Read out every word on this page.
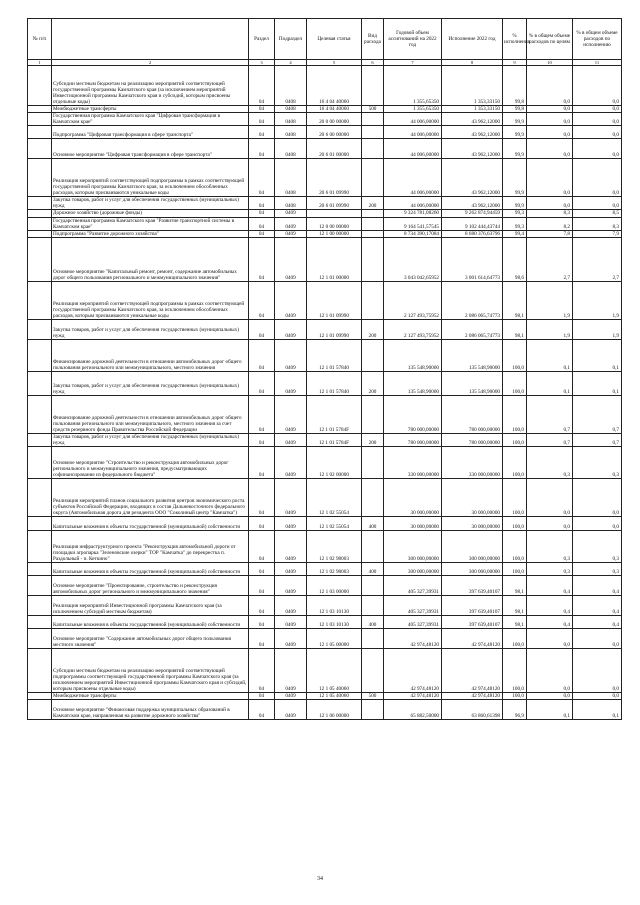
№ п/п		Раздел	Подраздел	Целевая статья	Вид расхода	Годовой объем ассигнований на 2022 год	Исполнение 2022 год	% исполнения	% в общем объеме расходов по целям	% в общем объеме расходов по исполнению
1	2	3	4	5	6	7	8	9	10	11
	Субсидии местным бюджетам на реализацию мероприятий соответствующей государственной программы Камчатского края (за исключением мероприятий Инвестиционной программы Камчатского края и субсидий, которым присвоены отдельные коды)	04	0408	16 4 04 40060		1 355,65350	1 353,33150	99,8	0,0	0,0
	Межбюджетные трансферты	04	0408	16 4 04 40060	500	1 355,65350	1 353,33150	99,8	0,0	0,0
	Государственная программа Камчатского края "Цифровая трансформация в Камчатском крае"	04	0408	20 0 00 00000		44 006,00000	43 962,12000	99,9	0,0	0,0
	Подпрограмма "Цифровая трансформация в сфере транспорта"	04	0408	20 6 00 00000		44 006,00000	43 962,12000	99,9	0,0	0,0
	Основное мероприятие "Цифровая трансформация в сфере транспорта"	04	0408	20 6 01 00000		44 006,00000	43 962,12000	99,9	0,0	0,0
	Реализация мероприятий соответствующей подпрограммы в рамках соответствующей государственной программы Камчатского края, за исключением обособленных расходов, которым присваиваются уникальные коды	04	0408	20 6 01 09990		44 006,00000	43 962,12000	99,9	0,0	0,0
	Закупка товаров, работ и услуг для обеспечения государственных (муниципальных) нужд	04	0408	20 6 01 09990	200	44 006,00000	43 962,12000	99,9	0,0	0,0
	Дорожное хозяйство (дорожные фонды)	04	0409			9 324 781,08260	9 262 874,94459	99,3	8,3	8,5
	Государственная программа Камчатского края "Развитие транспортной системы в Камчатском крае"	04	0409	12 0 00 00000		9 164 541,57545	9 102 444,43744	99,3	8,2	8,3
	Подпрограмма "Развитие дорожного хозяйства"	04	0409	12 1 00 00000		8 734 390,17084	8 680 376,63796	99,4	7,8	7,9
	Основное мероприятие "Капитальный ремонт, ремонт, содержание автомобильных дорог общего пользования регионального и межмуниципального значения"	04	0409	12 1 01 00000		3 043 042,65952	3 001 614,64773	98,6	2,7	2,7
	Реализация мероприятий соответствующей подпрограммы в рамках соответствующей государственной программы Камчатского края, за исключением обособленных расходов, которым присваиваются уникальные коды	04	0409	12 1 01 09990		2 127 493,75952	2 086 065,74773	98,1	1,9	1,9
	Закупка товаров, работ и услуг для обеспечения государственных (муниципальных) нужд	04	0409	12 1 01 09990	200	2 127 493,75952	2 086 065,74773	98,1	1,9	1,9
	Финансирование дорожной деятельности в отношении автомобильных дорог общего пользования регионального или межмуниципального, местного значения	04	0409	12 1 01 57840		135 548,90000	135 548,90000	100,0	0,1	0,1
	Закупка товаров, работ и услуг для обеспечения государственных (муниципальных) нужд	04	0409	12 1 01 57840	200	135 548,90000	135 548,90000	100,0	0,1	0,1
	Финансирование дорожной деятельности в отношении автомобильных дорог общего пользования регионального или межмуниципального, местного значения за счет средств резервного фонда Правительства Российской Федерации	04	0409	12 1 01 5784F		780 000,00000	780 000,00000	100,0	0,7	0,7
	Закупка товаров, работ и услуг для обеспечения государственных (муниципальных) нужд	04	0409	12 1 01 5784F	200	780 000,00000	780 000,00000	100,0	0,7	0,7
	Основное мероприятие "Строительство и реконструкция автомобильных дорог регионального и межмуниципального значения, предусматривающих софинансирование из федерального бюджета"	04	0409	12 1 02 00000		330 000,00000	330 000,00000	100,0	0,3	0,3
	Реализация мероприятий планов социального развития центров экономического роста субъектов Российской Федерации, входящих в состав Дальневосточного федерального округа (Автомобильная дорога для резидента ООО "Соколиный центр "Камчатка")	04	0409	12 1 02 55054		30 000,00000	30 000,00000	100,0	0,0	0,0
	Капитальные вложения в объекты государственной (муниципальной) собственности	04	0409	12 1 02 55054	400	30 000,00000	30 000,00000	100,0	0,0	0,0
	Реализация инфраструктурного проекта "Реконструкция автомобильной дороги от площадки агропарка "Зеленовские озерки" ТОР "Камчатка" до перекрестка п. Раздольный - п. Кеткино"	04	0409	12 1 02 98003		300 000,00000	300 000,00000	100,0	0,3	0,3
	Капитальные вложения в объекты государственной (муниципальной) собственности	04	0409	12 1 02 98003	400	300 000,00000	300 000,00000	100,0	0,3	0,3
	Основное мероприятие "Проектирование, строительство и реконструкция автомобильных дорог регионального и межмуниципального значения"	04	0409	12 1 03 00000		405 327,39931	397 639,40107	98,1	0,4	0,4
	Реализация мероприятий Инвестиционной программы Камчатского края (за исключением субсидий местным бюджетам)	04	0409	12 1 03 10130		405 327,39931	397 639,40107	98,1	0,4	0,4
	Капитальные вложения в объекты государственной (муниципальной) собственности	04	0409	12 1 03 10130	400	405 327,39931	397 639,40107	98,1	0,4	0,4
	Основное мероприятие "Содержание автомобильных дорог общего пользования местного значения"	04	0409	12 1 05 00000		42 974,48120	42 974,48120	100,0	0,0	0,0
	Субсидии местным бюджетам на реализацию мероприятий соответствующей подпрограммы соответствующей государственной программы Камчатского края (за исключением мероприятий Инвестиционной программы Камчатского края и субсидий, которым присвоены отдельные коды)	04	0409	12 1 05 40060		42 974,48120	42 974,48120	100,0	0,0	0,0
	Межбюджетные трансферты	04	0409	12 1 05 40060	500	42 974,48120	42 974,48120	100,0	0,0	0,0
	Основное мероприятие "Финансовая поддержка муниципальных образований в Камчатском крае, направленная на развитие дорожного хозяйства"	04	0409	12 1 06 00000		65 882,50000	63 860,61398	96,9	0,1	0,1
34
